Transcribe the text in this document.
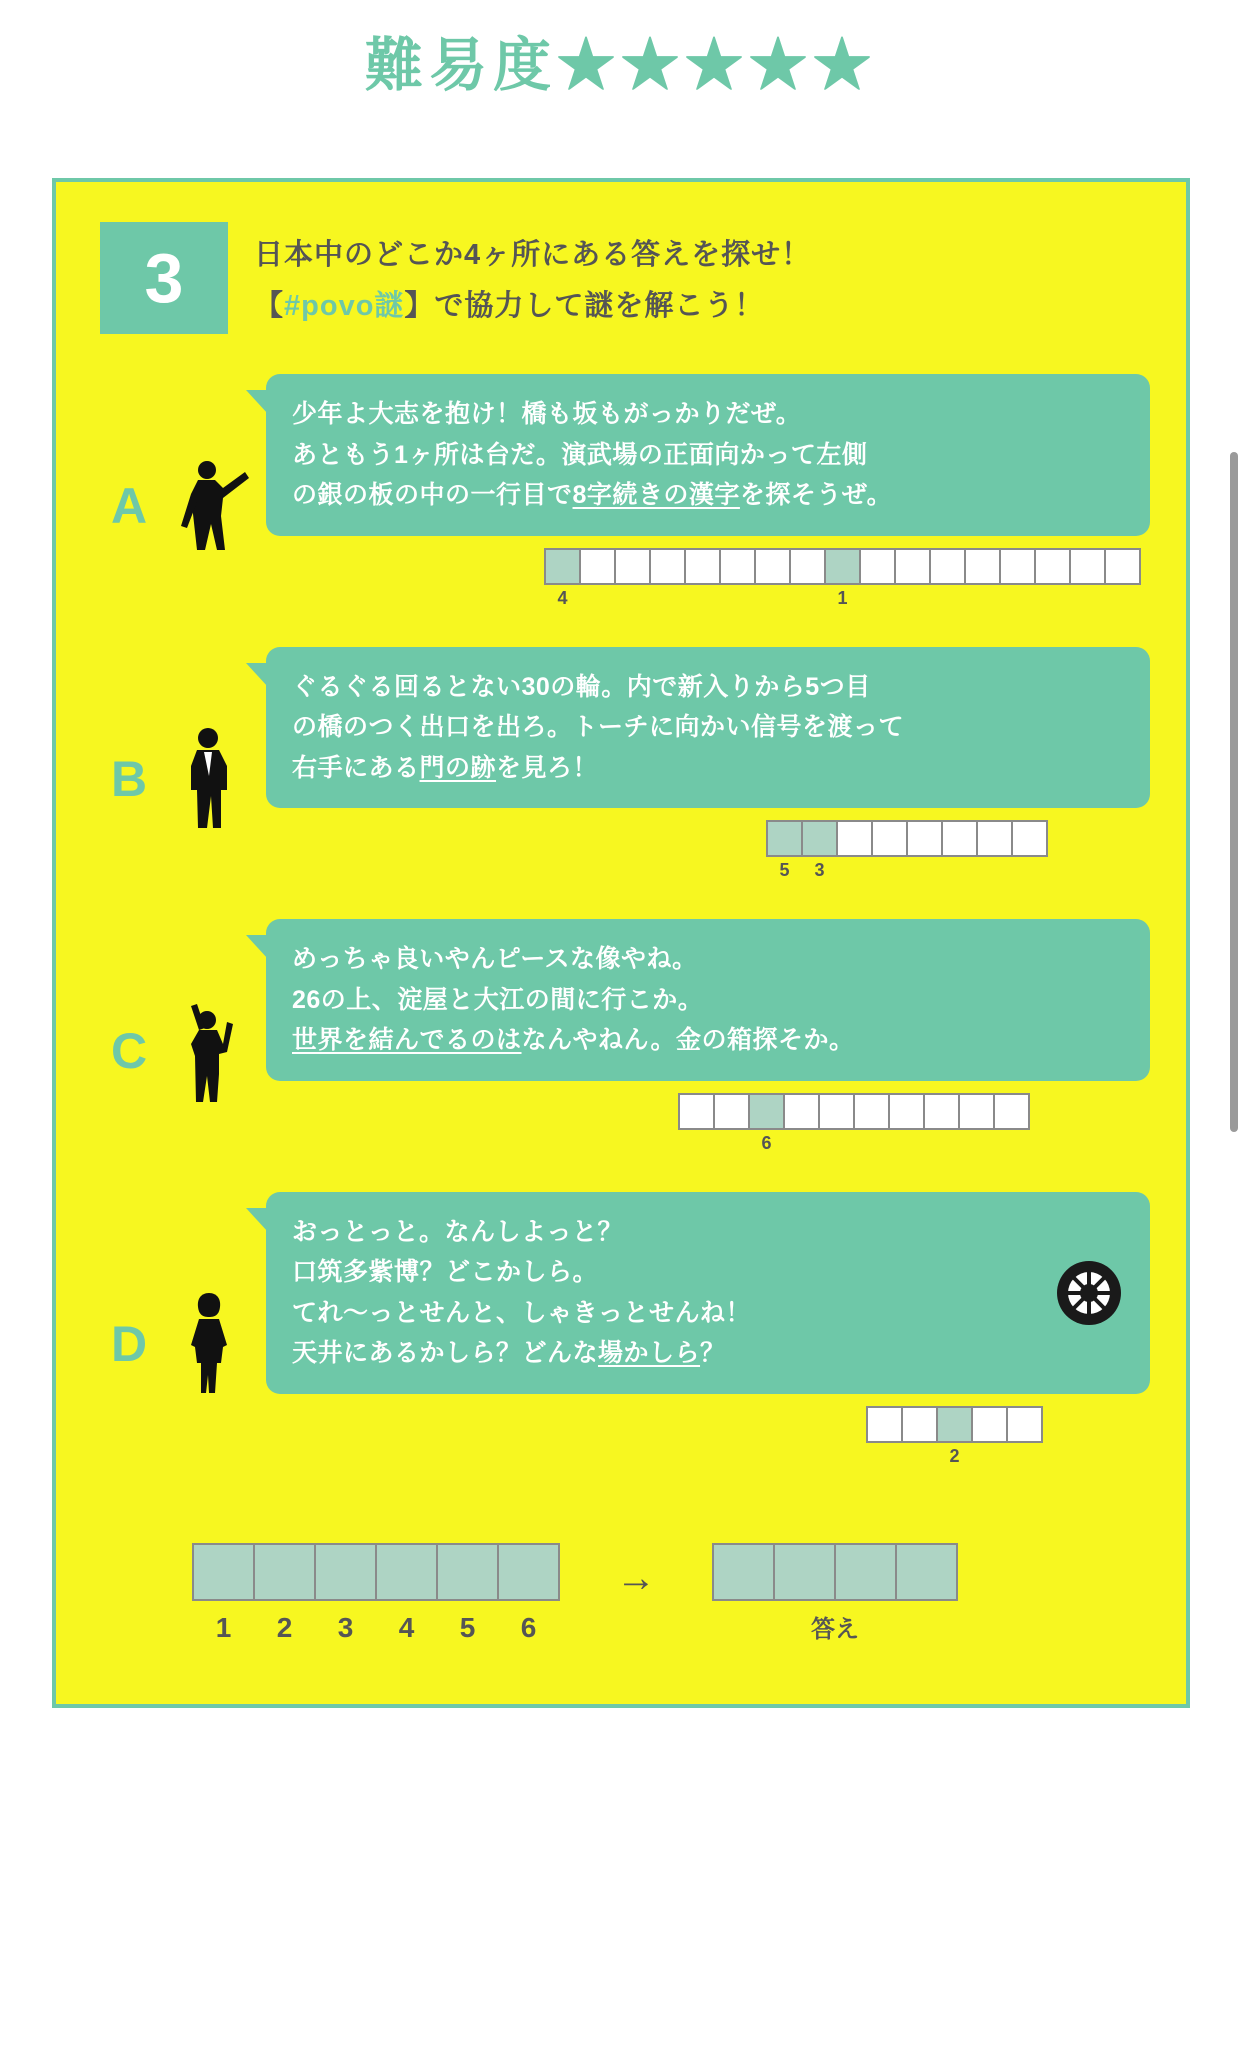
難易度★★★★★
3	日本中のどこか4ヶ所にある答えを探せ！
【#povo謎】で協力して謎を解こう！
A
少年よ大志を抱け！橋も坂もがっかりだぜ。
あともう1ヶ所は台だ。演武場の正面向かって左側
の銀の板の中の一行目で8字続きの漢字を探そうぜ。
4	1
B
ぐるぐる回るとない30の輪。内で新入りから5つ目
の橋のつく出口を出ろ。トーチに向かい信号を渡って
右手にある門の跡を見ろ！
5	3
C
めっちゃ良いやんピースな像やね。
26の上、淀屋と大江の間に行こか。
世界を結んでるのはなんやねん。金の箱探そか。
6
D
おっとっと。なんしよっと？
口筑多紫博？どこかしら。
てれ〜っとせんと、しゃきっとせんね！
天井にあるかしら？どんな場かしら？
2
1	2	3	4	5	6
→
答え
